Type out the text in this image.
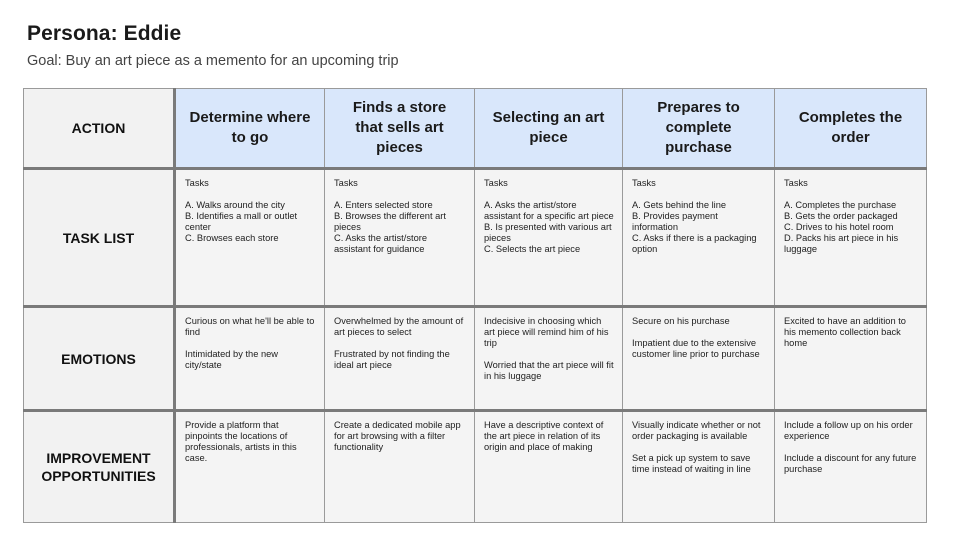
Persona: Eddie
Goal: Buy an art piece as a memento for an upcoming trip
ACTION	Determine where to go	Finds a store that sells art pieces	Selecting an art piece	Prepares to complete purchase	Completes the order
TASK LIST	Tasks
A. Walks around the city
B. Identifies a mall or outlet center
C. Browses each store	Tasks
A. Enters selected store
B. Browses the different art pieces
C. Asks the artist/store assistant for guidance	Tasks
A. Asks the artist/store assistant for a specific art piece
B. Is presented with various art pieces
C. Selects the art piece	Tasks
A. Gets behind the line
B. Provides payment information
C. Asks if there is a packaging option	Tasks
A. Completes the purchase
B. Gets the order packaged
C. Drives to his hotel room
D. Packs his art piece in his luggage

EMOTIONS	Curious on what he'll be able to find
Intimidated by the new city/state	Overwhelmed by the amount of art pieces to select
Frustrated by not finding the ideal art piece	Indecisive in choosing which art piece will remind him of his trip
Worried that the art piece will fit in his luggage	Secure on his purchase
Impatient due to the extensive customer line prior to purchase	Excited to have an addition to his memento collection back home

IMPROVEMENT OPPORTUNITIES	Provide a platform that pinpoints the locations of professionals, artists in this case.	Create a dedicated mobile app for art browsing with a filter functionality	Have a descriptive context of the art piece in relation of its origin and place of making	Visually indicate whether or not order packaging is available
Set a pick up system to save time instead of waiting in line	Include a follow up on his order experience
Include a discount for any future purchase
